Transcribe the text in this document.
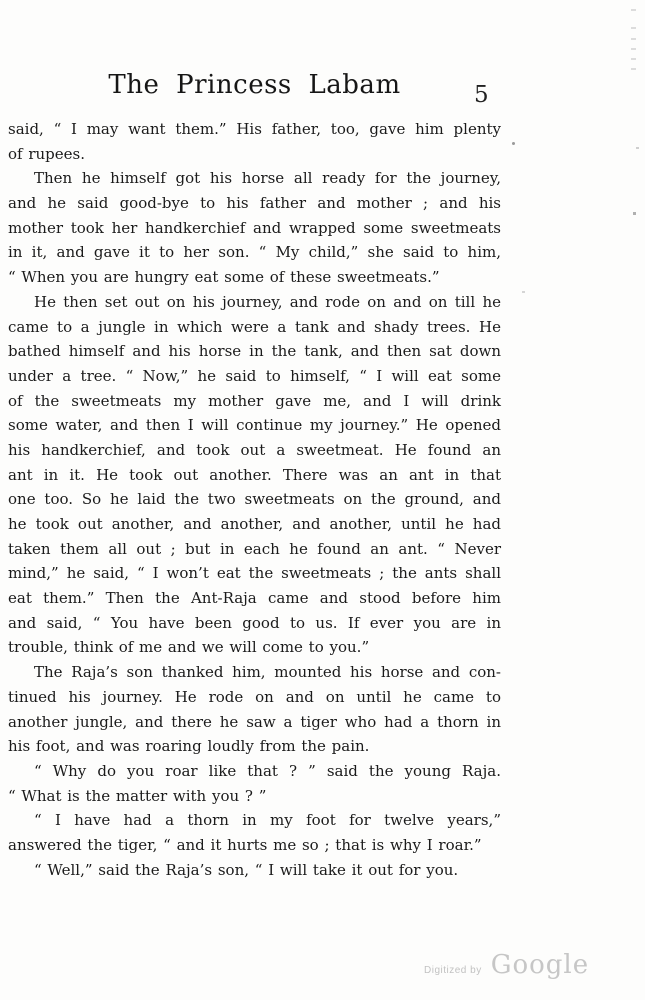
The Princess Labam	5
said, “ I may want them.” His father, too, gave him plenty
of rupees.
Then he himself got his horse all ready for the journey,
and he said good-bye to his father and mother ; and his
mother took her handkerchief and wrapped some sweetmeats
in it, and gave it to her son. “ My child,” she said to him,
“ When you are hungry eat some of these sweetmeats.”
He then set out on his journey, and rode on and on till he
came to a jungle in which were a tank and shady trees. He
bathed himself and his horse in the tank, and then sat down
under a tree. “ Now,” he said to himself, “ I will eat some
of the sweetmeats my mother gave me, and I will drink
some water, and then I will continue my journey.” He opened
his handkerchief, and took out a sweetmeat. He found an
ant in it. He took out another. There was an ant in that
one too. So he laid the two sweetmeats on the ground, and
he took out another, and another, and another, until he had
taken them all out ; but in each he found an ant. “ Never
mind,” he said, “ I won’t eat the sweetmeats ; the ants shall
eat them.” Then the Ant-Raja came and stood before him
and said, “ You have been good to us. If ever you are in
trouble, think of me and we will come to you.”
The Raja’s son thanked him, mounted his horse and con-
tinued his journey. He rode on and on until he came to
another jungle, and there he saw a tiger who had a thorn in
his foot, and was roaring loudly from the pain.
“ Why do you roar like that ? ” said the young Raja.
“ What is the matter with you ? ”
“ I have had a thorn in my foot for twelve years,”
answered the tiger, “ and it hurts me so ; that is why I roar.”
“ Well,” said the Raja’s son, “ I will take it out for you.
Digitized by Google
